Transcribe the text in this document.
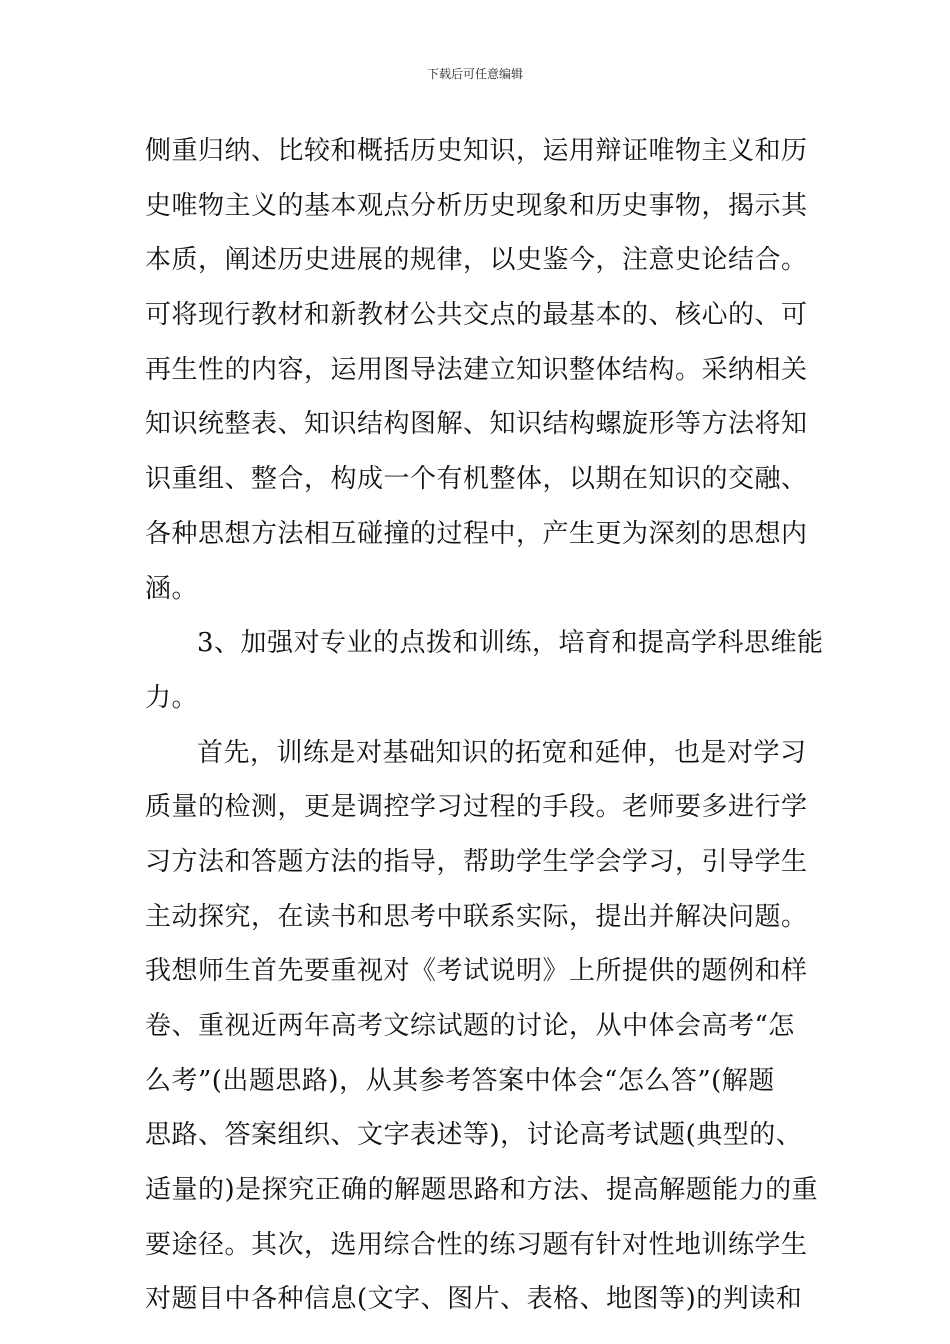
下载后可任意编辑
侧重归纳、比较和概括历史知识，运用辩证唯物主义和历
史唯物主义的基本观点分析历史现象和历史事物，揭示其
本质，阐述历史进展的规律，以史鉴今，注意史论结合。
可将现行教材和新教材公共交点的最基本的、核心的、可
再生性的内容，运用图导法建立知识整体结构。采纳相关
知识统整表、知识结构图解、知识结构螺旋形等方法将知
识重组、整合，构成一个有机整体，以期在知识的交融、
各种思想方法相互碰撞的过程中，产生更为深刻的思想内
涵。
3、加强对专业的点拨和训练，培育和提高学科思维能
力。
首先，训练是对基础知识的拓宽和延伸，也是对学习
质量的检测，更是调控学习过程的手段。老师要多进行学
习方法和答题方法的指导，帮助学生学会学习，引导学生
主动探究，在读书和思考中联系实际，提出并解决问题。
我想师生首先要重视对《考试说明》上所提供的题例和样
卷、重视近两年高考文综试题的讨论，从中体会高考“怎
么考”(出题思路)，从其参考答案中体会“怎么答”(解题
思路、答案组织、文字表述等)，讨论高考试题(典型的、
适量的)是探究正确的解题思路和方法、提高解题能力的重
要途径。其次，选用综合性的练习题有针对性地训练学生
对题目中各种信息(文字、图片、表格、地图等)的判读和
